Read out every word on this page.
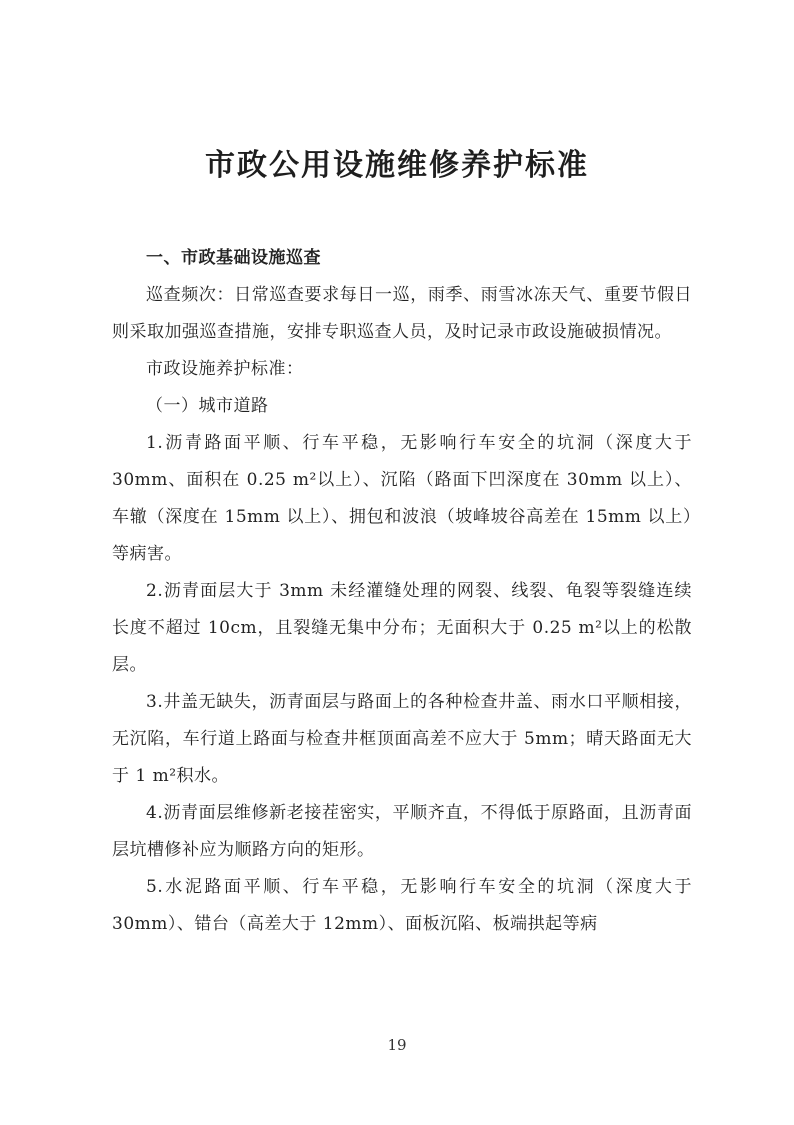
市政公用设施维修养护标准

一、市政基础设施巡查

巡查频次：日常巡查要求每日一巡，雨季、雨雪冰冻天气、重要节假日则采取加强巡查措施，安排专职巡查人员，及时记录市政设施破损情况。

市政设施养护标准：

（一）城市道路

1.沥青路面平顺、行车平稳，无影响行车安全的坑洞（深度大于 30mm、面积在 0.25 m²以上）、沉陷（路面下凹深度在 30mm 以上）、车辙（深度在 15mm 以上）、拥包和波浪（坡峰坡谷高差在 15mm 以上）等病害。

2.沥青面层大于 3mm 未经灌缝处理的网裂、线裂、龟裂等裂缝连续长度不超过 10cm，且裂缝无集中分布；无面积大于 0.25 m²以上的松散层。

3.井盖无缺失，沥青面层与路面上的各种检查井盖、雨水口平顺相接，无沉陷，车行道上路面与检查井框顶面高差不应大于 5mm；晴天路面无大于 1 m²积水。

4.沥青面层维修新老接茬密实，平顺齐直，不得低于原路面，且沥青面层坑槽修补应为顺路方向的矩形。

5.水泥路面平顺、行车平稳，无影响行车安全的坑洞（深度大于 30mm）、错台（高差大于 12mm）、面板沉陷、板端拱起等病

19
